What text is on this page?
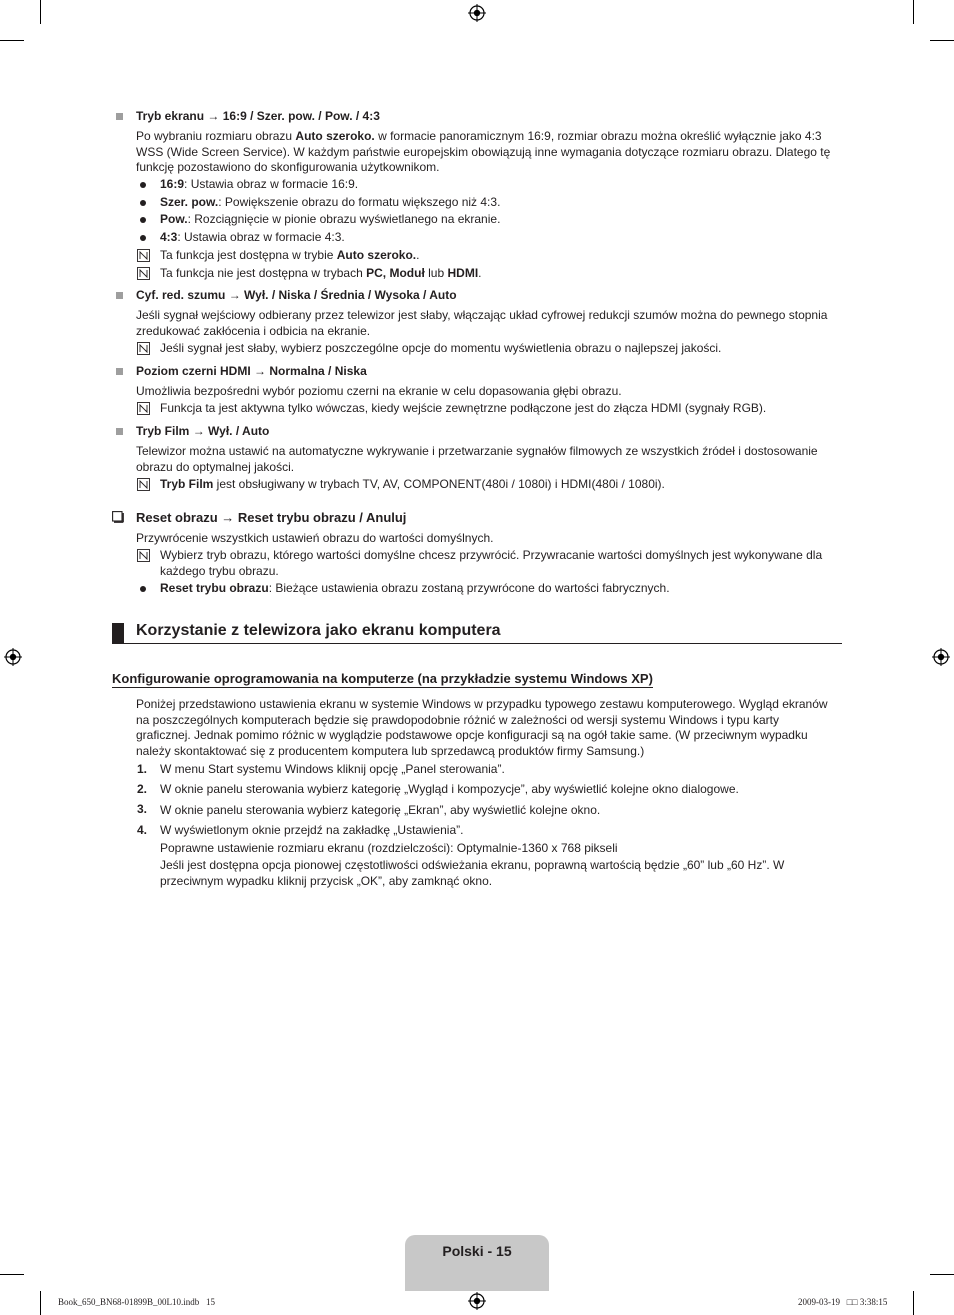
Tryb ekranu → 16:9 / Szer. pow. / Pow. / 4:3
Po wybraniu rozmiaru obrazu Auto szeroko. w formacie panoramicznym 16:9, rozmiar obrazu można określić wyłącznie jako 4:3
WSS (Wide Screen Service). W każdym państwie europejskim obowiązują inne wymagania dotyczące rozmiaru obrazu. Dlatego tę
funkcję pozostawiono do skonfigurowania użytkownikom.
16:9: Ustawia obraz w formacie 16:9.
Szer. pow.: Powiększenie obrazu do formatu większego niż 4:3.
Pow.: Rozciągnięcie w pionie obrazu wyświetlanego na ekranie.
4:3: Ustawia obraz w formacie 4:3.
Ta funkcja jest dostępna w trybie Auto szeroko..
Ta funkcja nie jest dostępna w trybach PC, Moduł lub HDMI.
Cyf. red. szumu → Wył. / Niska / Średnia / Wysoka / Auto
Jeśli sygnał wejściowy odbierany przez telewizor jest słaby, włączając układ cyfrowej redukcji szumów można do pewnego stopnia
zredukować zakłócenia i odbicia na ekranie.
Jeśli sygnał jest słaby, wybierz poszczególne opcje do momentu wyświetlenia obrazu o najlepszej jakości.
Poziom czerni HDMI → Normalna / Niska
Umożliwia bezpośredni wybór poziomu czerni na ekranie w celu dopasowania głębi obrazu.
Funkcja ta jest aktywna tylko wówczas, kiedy wejście zewnętrzne podłączone jest do złącza HDMI (sygnały RGB).
Tryb Film → Wył. / Auto
Telewizor można ustawić na automatyczne wykrywanie i przetwarzanie sygnałów filmowych ze wszystkich źródeł i dostosowanie
obrazu do optymalnej jakości.
Tryb Film jest obsługiwany w trybach TV, AV, COMPONENT(480i / 1080i) i HDMI(480i / 1080i).
Reset obrazu → Reset trybu obrazu / Anuluj
Przywrócenie wszystkich ustawień obrazu do wartości domyślnych.
Wybierz tryb obrazu, którego wartości domyślne chcesz przywrócić. Przywracanie wartości domyślnych jest wykonywane dla
każdego trybu obrazu.
Reset trybu obrazu: Bieżące ustawienia obrazu zostaną przywrócone do wartości fabrycznych.
Korzystanie z telewizora jako ekranu komputera
Konfigurowanie oprogramowania na komputerze (na przykładzie systemu Windows XP)
Poniżej przedstawiono ustawienia ekranu w systemie Windows w przypadku typowego zestawu komputerowego. Wygląd ekranów
na poszczególnych komputerach będzie się prawdopodobnie różnić w zależności od wersji systemu Windows i typu karty
graficznej. Jednak pomimo różnic w wyglądzie podstawowe opcje konfiguracji są na ogół takie same. (W przeciwnym wypadku
należy skontaktować się z producentem komputera lub sprzedawcą produktów firmy Samsung.)
1. W menu Start systemu Windows kliknij opcję „Panel sterowania”.
2. W oknie panelu sterowania wybierz kategorię „Wygląd i kompozycje”, aby wyświetlić kolejne okno dialogowe.
3. W oknie panelu sterowania wybierz kategorię „Ekran”, aby wyświetlić kolejne okno.
4. W wyświetlonym oknie przejdź na zakładkę „Ustawienia”.
Poprawne ustawienie rozmiaru ekranu (rozdzielczości): Optymalnie-1360 x 768 pikseli
Jeśli jest dostępna opcja pionowej częstotliwości odświeżania ekranu, poprawną wartością będzie „60” lub „60 Hz”. W
przeciwnym wypadku kliknij przycisk „OK”, aby zamknąć okno.
Polski - 15
Book_650_BN68-01899B_00L10.indb   15	2009-03-19   □□ 3:38:15
